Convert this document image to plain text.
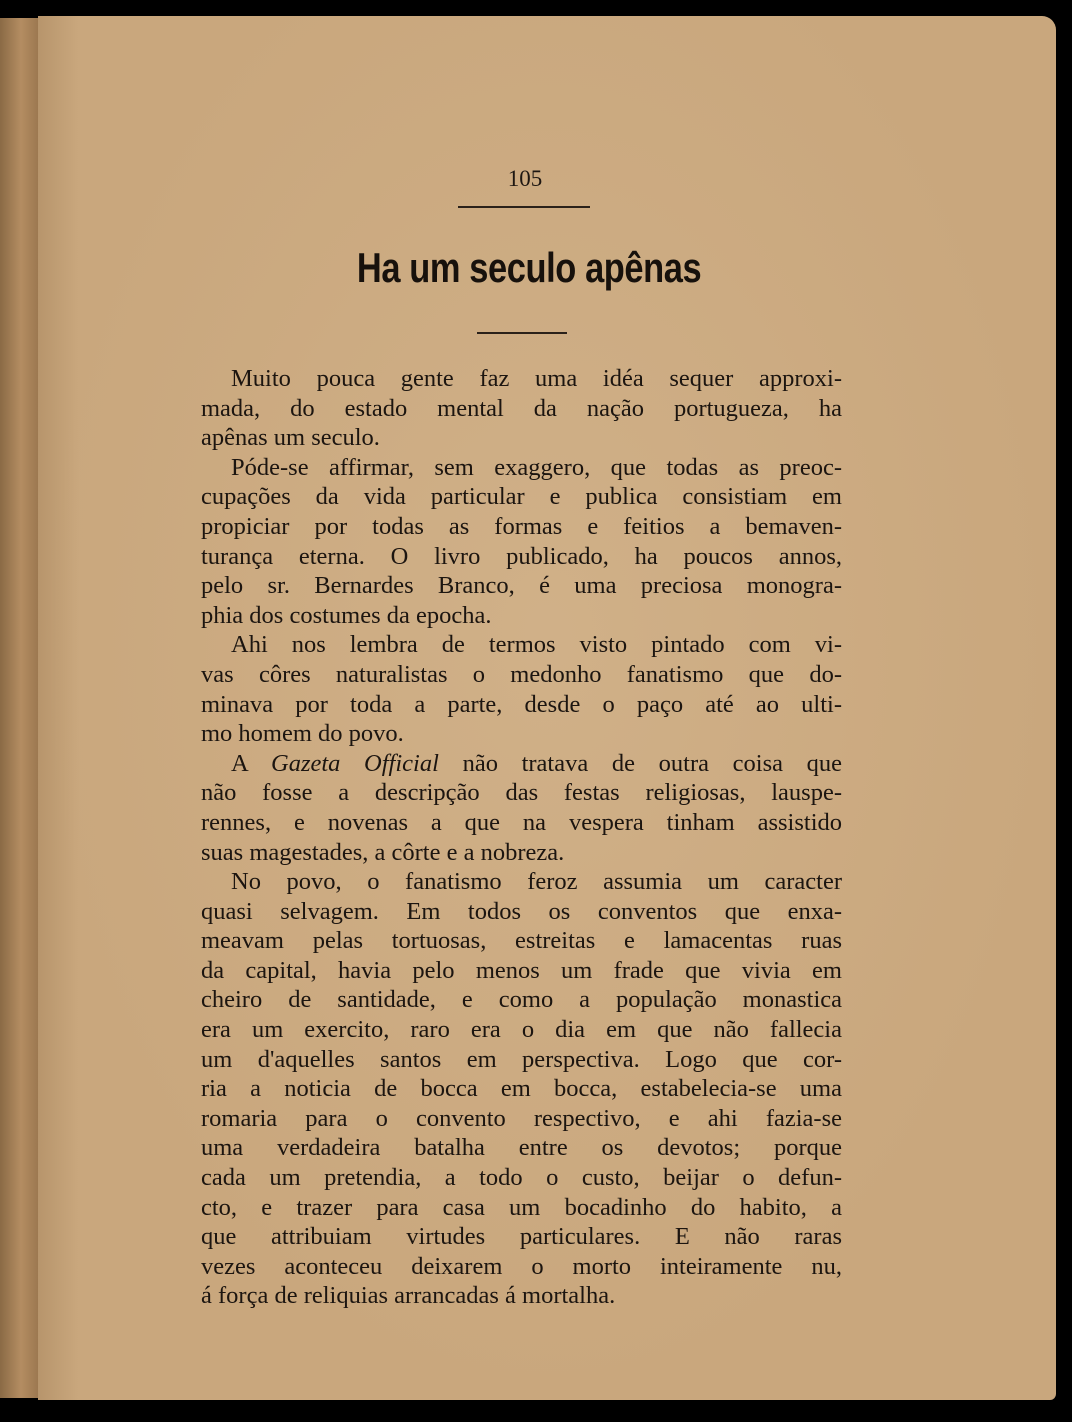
105
Ha um seculo apênas
Muito pouca gente faz uma idéa sequer approxi-
mada, do estado mental da nação portugueza, ha
apênas um seculo.
Póde-se affirmar, sem exaggero, que todas as preoc-
cupações da vida particular e publica consistiam em
propiciar por todas as formas e feitios a bemaven-
turança eterna. O livro publicado, ha poucos annos,
pelo sr. Bernardes Branco, é uma preciosa monogra-
phia dos costumes da epocha.
Ahi nos lembra de termos visto pintado com vi-
vas côres naturalistas o medonho fanatismo que do-
minava por toda a parte, desde o paço até ao ulti-
mo homem do povo.
A Gazeta Official não tratava de outra coisa que
não fosse a descripção das festas religiosas, lauspe-
rennes, e novenas a que na vespera tinham assistido
suas magestades, a côrte e a nobreza.
No povo, o fanatismo feroz assumia um caracter
quasi selvagem. Em todos os conventos que enxa-
meavam pelas tortuosas, estreitas e lamacentas ruas
da capital, havia pelo menos um frade que vivia em
cheiro de santidade, e como a população monastica
era um exercito, raro era o dia em que não fallecia
um d'aquelles santos em perspectiva. Logo que cor-
ria a noticia de bocca em bocca, estabelecia-se uma
romaria para o convento respectivo, e ahi fazia-se
uma verdadeira batalha entre os devotos; porque
cada um pretendia, a todo o custo, beijar o defun-
cto, e trazer para casa um bocadinho do habito, a
que attribuiam virtudes particulares. E não raras
vezes aconteceu deixarem o morto inteiramente nu,
á força de reliquias arrancadas á mortalha.
